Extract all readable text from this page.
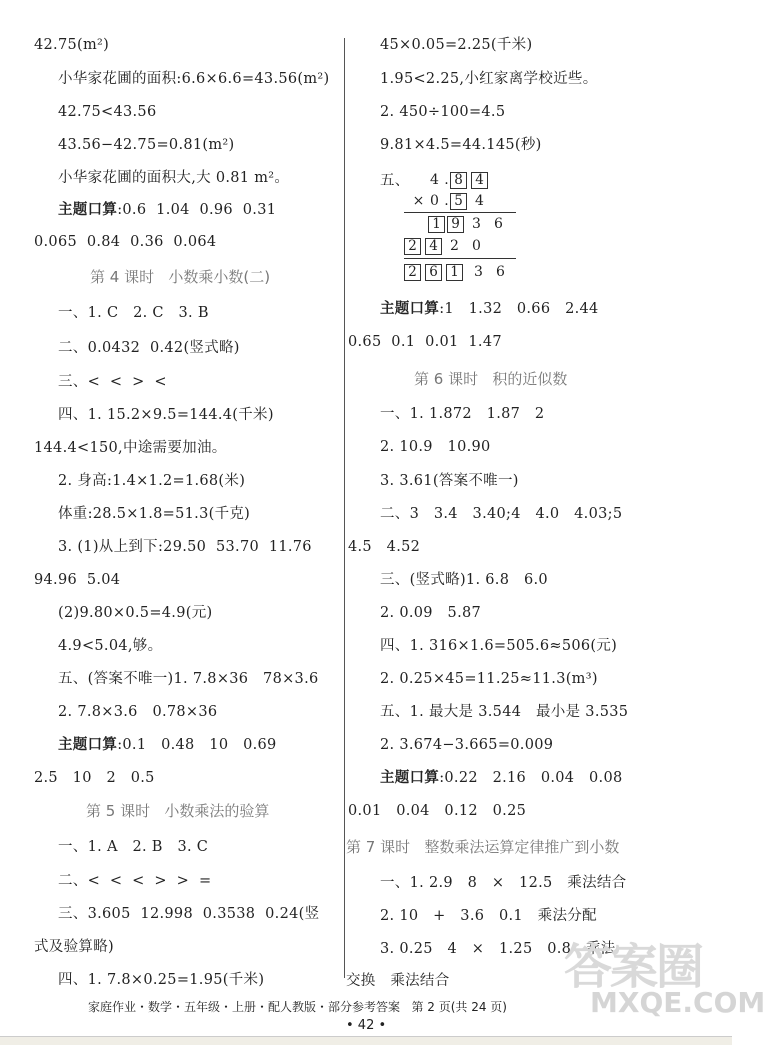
42.75(m²)
小华家花圃的面积:6.6×6.6=43.56(m²)
42.75<43.56
43.56−42.75=0.81(m²)
小华家花圃的面积大,大 0.81 m²。
主题口算:0.6  1.04  0.96  0.31
0.065  0.84  0.36  0.064
第 4 课时   小数乘小数(二)
一、1. C   2. C   3. B
二、0.0432  0.42(竖式略)
三、<  <  >  <
四、1. 15.2×9.5=144.4(千米)
144.4<150,中途需要加油。
2. 身高:1.4×1.2=1.68(米)
体重:28.5×1.8=51.3(千克)
3. (1)从上到下:29.50  53.70  11.76
94.96  5.04
(2)9.80×0.5=4.9(元)
4.9<5.04,够。
五、(答案不唯一)1. 7.8×36   78×3.6
2. 7.8×3.6   0.78×36
主题口算:0.1   0.48   10   0.69
2.5   10   2   0.5
第 5 课时   小数乘法的验算
一、1. A   2. B   3. C
二、<  <  <  >  >  =
三、3.605  12.998  0.3538  0.24(竖
式及验算略)
四、1. 7.8×0.25=1.95(千米)
45×0.05=2.25(千米)
1.95<2.25,小红家离学校近些。
2. 450÷100=4.5
9.81×4.5=44.145(秒)
五、
主题口算:1   1.32   0.66   2.44
0.65  0.1  0.01  1.47
第 6 课时   积的近似数
一、1. 1.872   1.87   2
2. 10.9   10.90
3. 3.61(答案不唯一)
二、3   3.4   3.40;4   4.0   4.03;5
4.5   4.52
三、(竖式略)1. 6.8   6.0
2. 0.09   5.87
四、1. 316×1.6=505.6≈506(元)
2. 0.25×45=11.25≈11.3(m³)
五、1. 最大是 3.544   最小是 3.535
2. 3.674−3.665=0.009
主题口算:0.22   2.16   0.04   0.08
0.01   0.04   0.12   0.25
第 7 课时   整数乘法运算定律推广到小数
一、1. 2.9   8   ×   12.5   乘法结合
2. 10   +   3.6   0.1   乘法分配
3. 0.25   4   ×   1.25   0.8   乘法
交换   乘法结合
4 . 8 4
× 0 . 5 4
1 9 3 6
2 4 2 0
2 6 1	3 6
答案圈
MXQE.COM
家庭作业・数学・五年级・上册・配人教版・部分参考答案   第 2 页(共 24 页)
• 42 •
